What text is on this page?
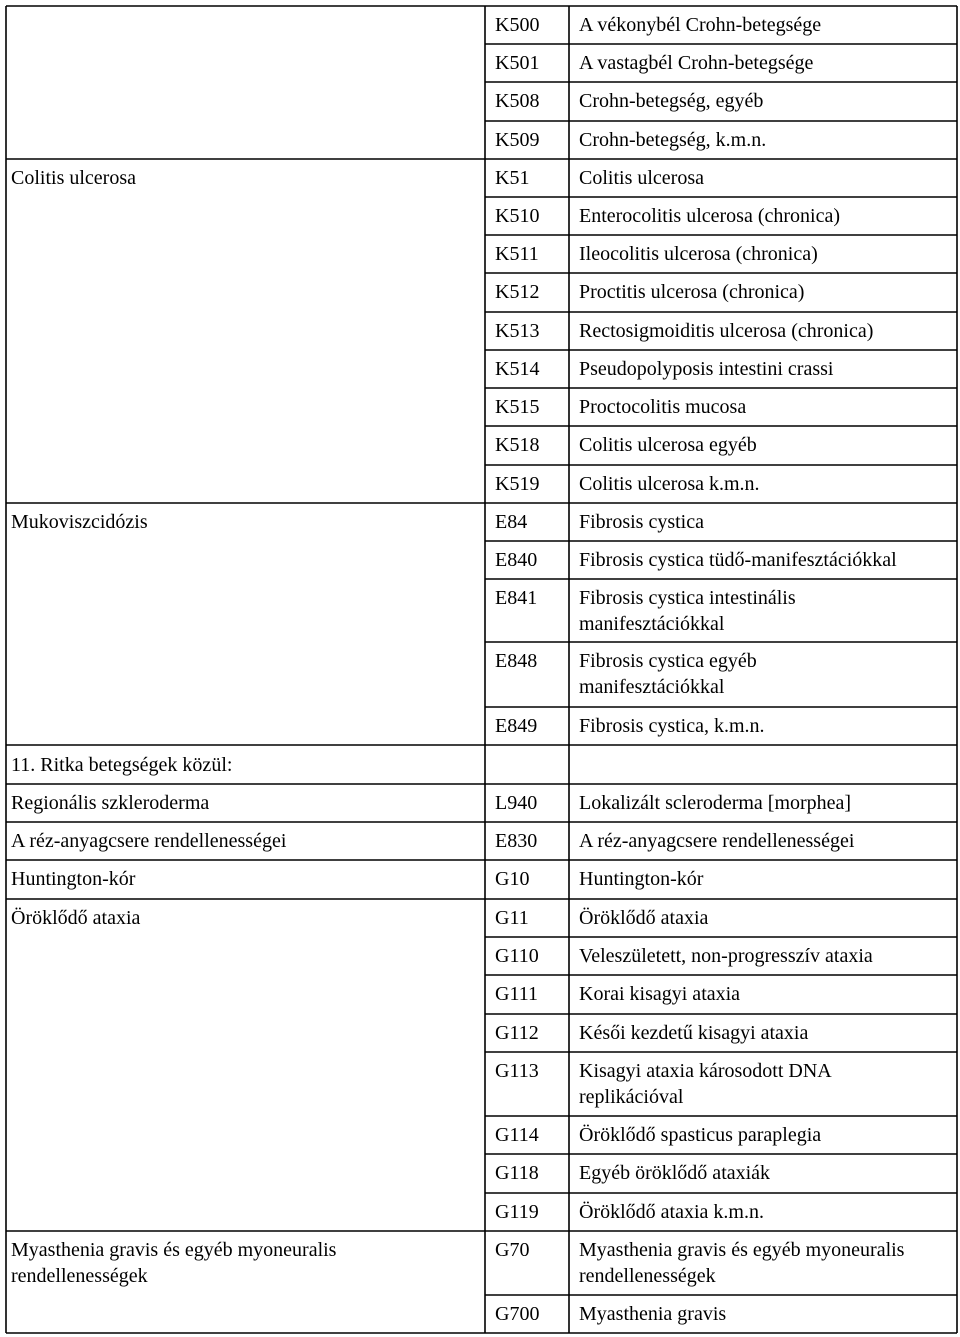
K500 A vékonybél Crohn-betegsége
K501 A vastagbél Crohn-betegsége
K508 Crohn-betegség, egyéb
K509 Crohn-betegség, k.m.n.
Colitis ulcerosa	K51 Colitis ulcerosa
K510 Enterocolitis ulcerosa (chronica)
K511 Ileocolitis ulcerosa (chronica)
K512 Proctitis ulcerosa (chronica)
K513 Rectosigmoiditis ulcerosa (chronica)
K514 Pseudopolyposis intestini crassi
K515 Proctocolitis mucosa
K518 Colitis ulcerosa egyéb
K519 Colitis ulcerosa k.m.n.
Mukoviszcidózis	E84	Fibrosis cystica
E840 Fibrosis cystica tüdő-manifesztációkkal
E841 Fibrosis cystica intestinális
manifesztációkkal
E848 Fibrosis cystica egyéb
manifesztációkkal
E849 Fibrosis cystica, k.m.n.
11. Ritka betegségek közül:
Regionális szkleroderma	L940 Lokalizált scleroderma [morphea]
A réz-anyagcsere rendellenességei	E830 A réz-anyagcsere rendellenességei
Huntington-kór	G10 Huntington-kór
Öröklődő ataxia	G11	Öröklődő ataxia
G110 Veleszületett, non-progresszív ataxia
G111 Korai kisagyi ataxia
G112 Késői kezdetű kisagyi ataxia
G113 Kisagyi ataxia károsodott DNA
replikációval
G114 Öröklődő spasticus paraplegia
G118 Egyéb öröklődő ataxiák
G119 Öröklődő ataxia k.m.n.
Myasthenia gravis és egyéb myoneuralis
rendellenességek
G70 Myasthenia gravis és egyéb myoneuralis
rendellenességek
G700 Myasthenia gravis
